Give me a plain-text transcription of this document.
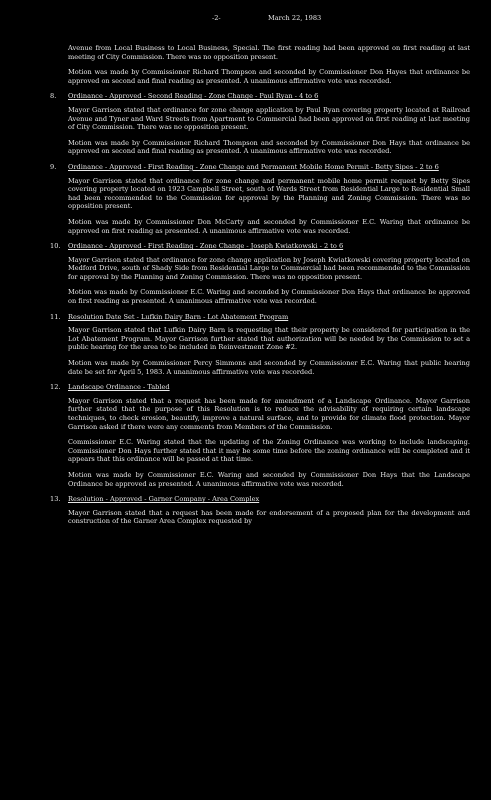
-2-	March 22, 1983

Avenue from Local Business to Local Business, Special. The first reading had been approved on first reading at last meeting of City Commission. There was no opposition present.

Motion was made by Commissioner Richard Thompson and seconded by Commissioner Don Hayes that ordinance be approved on second and final reading as presented. A unanimous affirmative vote was recorded.

8.	Ordinance - Approved - Second Reading - Zone Change - Paul Ryan - 4 to 6

Mayor Garrison stated that ordinance for zone change application by Paul Ryan covering property located at Railroad Avenue and Tyner and Ward Streets from Apartment to Commercial had been approved on first reading at last meeting of City Commission. There was no opposition present.

Motion was made by Commissioner Richard Thompson and seconded by Commissioner Don Hays that ordinance be approved on second and final reading as presented. A unanimous affirmative vote was recorded.

9.	Ordinance - Approved - First Reading - Zone Change and Permanent Mobile Home Permit - Betty Sipes - 2 to 6

Mayor Garrison stated that ordinance for zone change and permanent mobile home permit request by Betty Sipes covering property located on 1923 Campbell Street, south of Wards Street from Residential Large to Residential Small had been recommended to the Commission for approval by the Planning and Zoning Commission. There was no opposition present.

Motion was made by Commissioner Don McCarty and seconded by Commissioner E.C. Waring that ordinance be approved on first reading as presented. A unanimous affirmative vote was recorded.

10.	Ordinance - Approved - First Reading - Zone Change - Joseph Kwiatkowski - 2 to 6

Mayor Garrison stated that ordinance for zone change application by Joseph Kwiatkowski covering property located on Medford Drive, south of Shady Side from Residential Large to Commercial had been recommended to the Commission for approval by the Planning and Zoning Commission. There was no opposition present.

Motion was made by Commissioner E.C. Waring and seconded by Commissioner Don Hays that ordinance be approved on first reading as presented. A unanimous affirmative vote was recorded.

11.	Resolution Date Set - Lufkin Dairy Barn - Lot Abatement Program

Mayor Garrison stated that Lufkin Dairy Barn is requesting that their property be considered for participation in the Lot Abatement Program. Mayor Garrison further stated that authorization will be needed by the Commission to set a public hearing for the area to be included in Reinvestment Zone #2.

Motion was made by Commissioner Percy Simmons and seconded by Commissioner E.C. Waring that public hearing date be set for April 5, 1983. A unanimous affirmative vote was recorded.

12.	Landscape Ordinance - Tabled

Mayor Garrison stated that a request has been made for amendment of a Landscape Ordinance. Mayor Garrison further stated that the purpose of this Resolution is to reduce the advisability of requiring certain landscape techniques, to check erosion, beautify, improve a natural surface, and to provide for climate flood protection. Mayor Garrison asked if there were any comments from Members of the Commission.

Commissioner E.C. Waring stated that the updating of the Zoning Ordinance was working to include landscaping. Commissioner Don Hays further stated that it may be some time before the zoning ordinance will be completed and it appears that this ordinance will be passed at that time.

Motion was made by Commissioner E.C. Waring and seconded by Commissioner Don Hays that the Landscape Ordinance be approved as presented. A unanimous affirmative vote was recorded.

13.	Resolution - Approved - Garner Company - Area Complex

Mayor Garrison stated that a request has been made for endorsement of a proposed plan for the development and construction of the Garner Area Complex requested by
